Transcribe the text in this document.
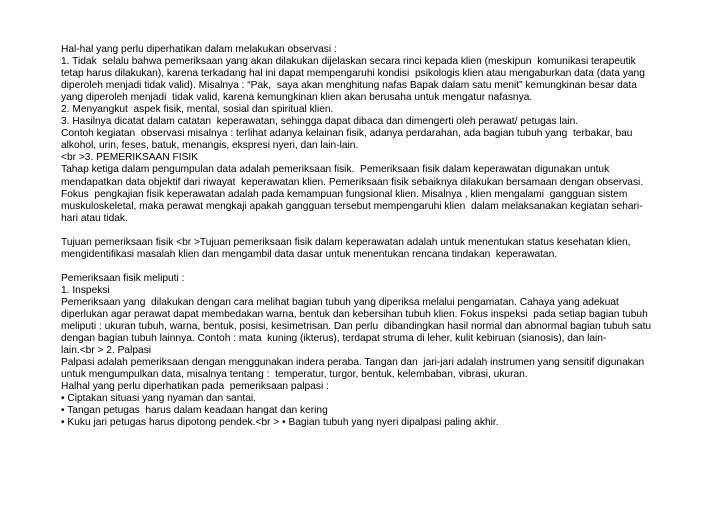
Hal-hal yang perlu diperhatikan dalam melakukan observasi :
1. Tidak  selalu bahwa pemeriksaan yang akan dilakukan dijelaskan secara rinci kepada klien (meskipun  komunikasi terapeutik
tetap harus dilakukan), karena terkadang hal ini dapat mempengaruhi kondisi  psikologis klien atau mengaburkan data (data yang
diperoleh menjadi tidak valid). Misalnya : “Pak,  saya akan menghitung nafas Bapak dalam satu menit” kemungkinan besar data
yang diperoleh menjadi  tidak valid, karena kemungkinan klien akan berusaha untuk mengatur nafasnya.
2. Menyangkut  aspek fisik, mental, sosial dan spiritual klien.
3. Hasilnya dicatat dalam catatan  keperawatan, sehingga dapat dibaca dan dimengerti oleh perawat/ petugas lain.
Contoh kegiatan  observasi misalnya : terlihat adanya kelainan fisik, adanya perdarahan, ada bagian tubuh yang  terbakar, bau
alkohol, urin, feses, batuk, menangis, ekspresi nyeri, dan lain-lain.
<br >3. PEMERIKSAAN FISIK
Tahap ketiga dalam pengumpulan data adalah pemeriksaan fisik.  Pemeriksaan fisik dalam keperawatan digunakan untuk
mendapatkan data objektif dari riwayat  keperawatan klien. Pemeriksaan fisik sebaiknya dilakukan bersamaan dengan observasi.
Fokus  pengkajian fisik keperawatan adalah pada kemampuan fungsional klien. Misalnya , klien mengalami  gangguan sistem
muskuloskeletal, maka perawat mengkaji apakah gangguan tersebut mempengaruhi klien  dalam melaksanakan kegiatan sehari-
hari atau tidak.
Tujuan pemeriksaan fisik <br >Tujuan pemeriksaan fisik dalam keperawatan adalah untuk menentukan status kesehatan klien,
mengidentifikasi masalah klien dan mengambil data dasar untuk menentukan rencana tindakan  keperawatan.
Pemeriksaan fisik meliputi :
1. Inspeksi
Pemeriksaan yang  dilakukan dengan cara melihat bagian tubuh yang diperiksa melalui pengamatan. Cahaya yang adekuat
diperlukan agar perawat dapat membedakan warna, bentuk dan kebersihan tubuh klien. Fokus inspeksi  pada setiap bagian tubuh
meliputi : ukuran tubuh, warna, bentuk, posisi, kesimetrisan. Dan perlu  dibandingkan hasil normal dan abnormal bagian tubuh satu
dengan bagian tubuh lainnya. Contoh : mata  kuning (ikterus), terdapat struma di leher, kulit kebiruan (sianosis), dan lain-
lain.<br > 2. Palpasi
Palpasi adalah pemeriksaan dengan menggunakan indera peraba. Tangan dan  jari-jari adalah instrumen yang sensitif digunakan
untuk mengumpulkan data, misalnya tentang :  temperatur, turgor, bentuk, kelembaban, vibrasi, ukuran.
Halhal yang perlu diperhatikan pada  pemeriksaan palpasi :
• Ciptakan situasi yang nyaman dan santai.
• Tangan petugas  harus dalam keadaan hangat dan kering
• Kuku jari petugas harus dipotong pendek.<br > • Bagian tubuh yang nyeri dipalpasi paling akhir.
